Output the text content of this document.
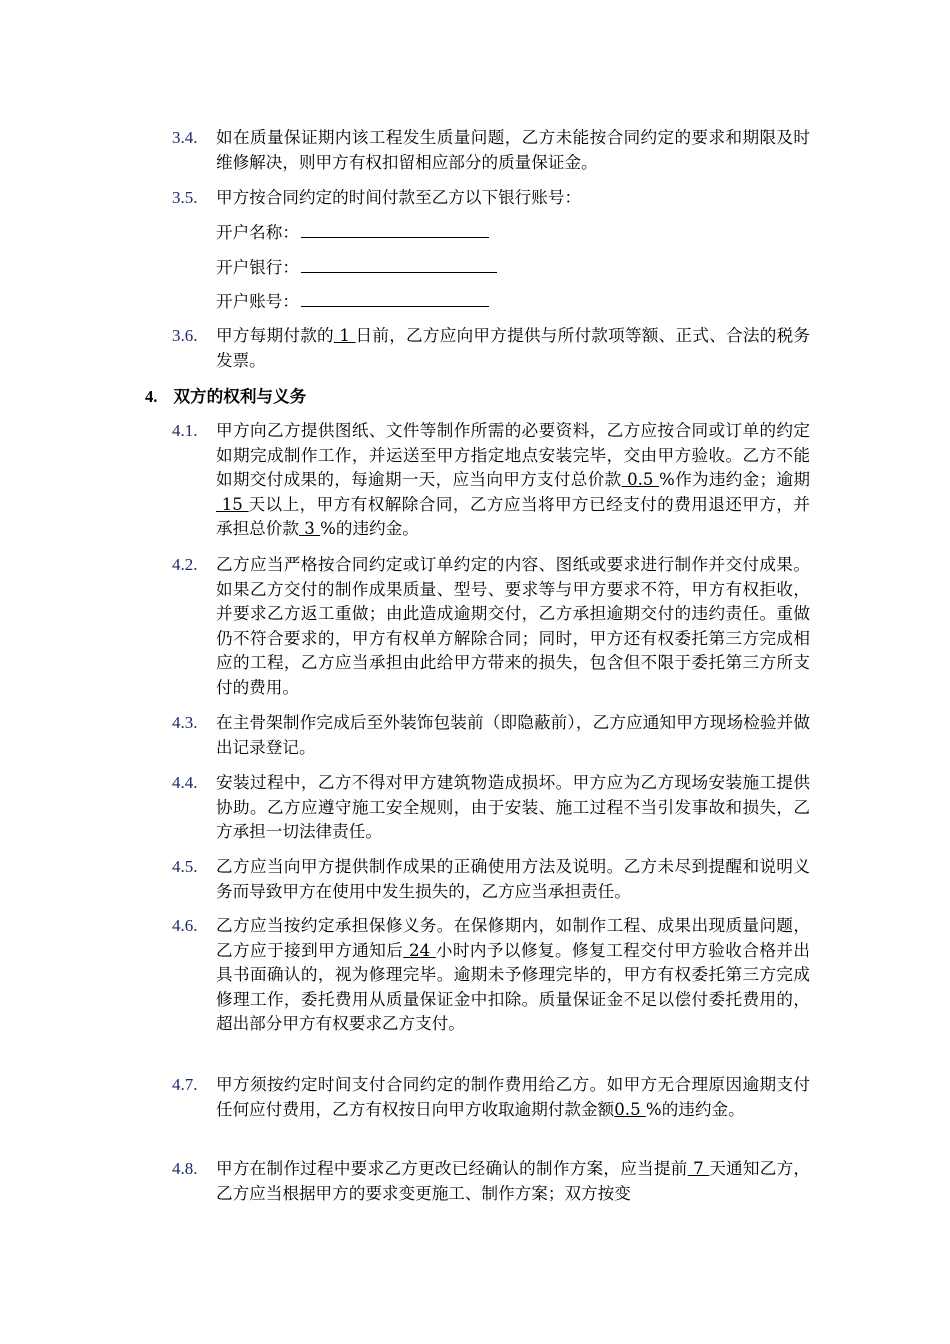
3.4. 如在质量保证期内该工程发生质量问题，乙方未能按合同约定的要求和期限及时维修解决，则甲方有权扣留相应部分的质量保证金。
3.5. 甲方按合同约定的时间付款至乙方以下银行账号：
开户名称：
开户银行：
开户账号：
3.6. 甲方每期付款的 1 日前，乙方应向甲方提供与所付款项等额、正式、合法的税务发票。
4. 双方的权利与义务
4.1. 甲方向乙方提供图纸、文件等制作所需的必要资料，乙方应按合同或订单的约定如期完成制作工作，并运送至甲方指定地点安装完毕，交由甲方验收。乙方不能如期交付成果的，每逾期一天，应当向甲方支付总价款 0.5 %作为违约金；逾期 15 天以上，甲方有权解除合同，乙方应当将甲方已经支付的费用退还甲方，并承担总价款 3 %的违约金。
4.2. 乙方应当严格按合同约定或订单约定的内容、图纸或要求进行制作并交付成果。如果乙方交付的制作成果质量、型号、要求等与甲方要求不符，甲方有权拒收，并要求乙方返工重做；由此造成逾期交付，乙方承担逾期交付的违约责任。重做仍不符合要求的，甲方有权单方解除合同；同时，甲方还有权委托第三方完成相应的工程，乙方应当承担由此给甲方带来的损失，包含但不限于委托第三方所支付的费用。
4.3. 在主骨架制作完成后至外装饰包装前（即隐蔽前），乙方应通知甲方现场检验并做出记录登记。
4.4. 安装过程中，乙方不得对甲方建筑物造成损坏。甲方应为乙方现场安装施工提供协助。乙方应遵守施工安全规则，由于安装、施工过程不当引发事故和损失，乙方承担一切法律责任。
4.5. 乙方应当向甲方提供制作成果的正确使用方法及说明。乙方未尽到提醒和说明义务而导致甲方在使用中发生损失的，乙方应当承担责任。
4.6. 乙方应当按约定承担保修义务。在保修期内，如制作工程、成果出现质量问题，乙方应于接到甲方通知后 24 小时内予以修复。修复工程交付甲方验收合格并出具书面确认的，视为修理完毕。逾期未予修理完毕的，甲方有权委托第三方完成修理工作，委托费用从质量保证金中扣除。质量保证金不足以偿付委托费用的，超出部分甲方有权要求乙方支付。
4.7. 甲方须按约定时间支付合同约定的制作费用给乙方。如甲方无合理原因逾期支付任何应付费用，乙方有权按日向甲方收取逾期付款金额0.5 %的违约金。
4.8. 甲方在制作过程中要求乙方更改已经确认的制作方案，应当提前 7 天通知乙方，乙方应当根据甲方的要求变更施工、制作方案；双方按变
